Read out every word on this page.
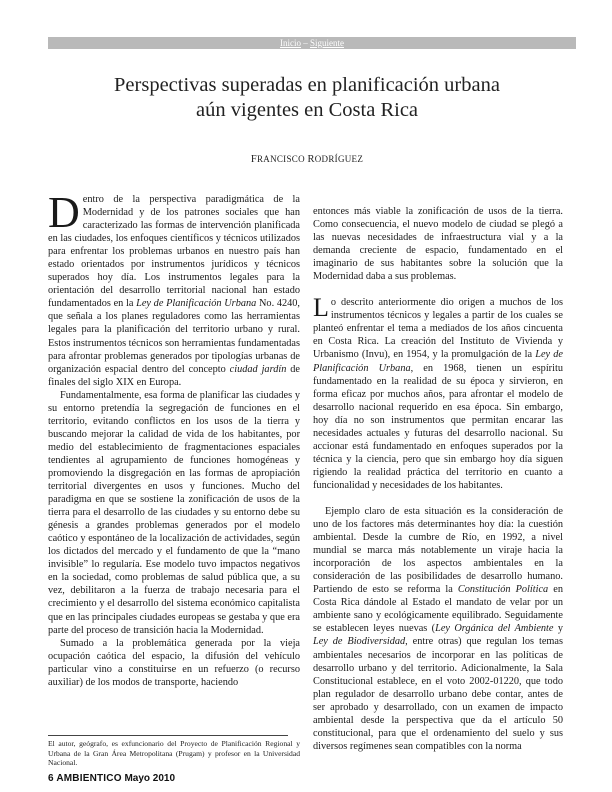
Inicio – Siguiente
Perspectivas superadas en planificación urbana
aún vigentes en Costa Rica
FRANCISCO RODRÍGUEZ

Dentro de la perspectiva paradigmática de la Modernidad y de los patrones sociales que han caracterizado las formas de intervención planificada en las ciudades, los enfoques científicos y técnicos utilizados para enfrentar los problemas urbanos en nuestro país han estado orientados por instrumentos jurídicos y técnicos superados hoy día. Los instrumentos legales para la orientación del desarrollo territorial nacional han estado fundamentados en la Ley de Planificación Urbana No. 4240, que señala a los planes reguladores como las herramientas legales para la planificación del territorio urbano y rural. Estos instrumentos técnicos son herramientas fundamentadas para afrontar problemas generados por tipologías urbanas de organización espacial dentro del concepto ciudad jardín de finales del siglo XIX en Europa.

Fundamentalmente, esa forma de planificar las ciudades y su entorno pretendía la segregación de funciones en el territorio, evitando conflictos en los usos de la tierra y buscando mejorar la calidad de vida de los habitantes, por medio del establecimiento de fragmentaciones espaciales tendientes al agrupamiento de funciones homogéneas y promoviendo la disgregación en las formas de apropiación territorial divergentes en usos y funciones. Mucho del paradigma en que se sostiene la zonificación de usos de la tierra para el desarrollo de las ciudades y su entorno debe su génesis a grandes problemas generados por el modelo caótico y espontáneo de la localización de actividades, según los dictados del mercado y el fundamento de que la “mano invisible” lo regularía. Ese modelo tuvo impactos negativos en la sociedad, como problemas de salud pública que, a su vez, debilitaron a la fuerza de trabajo necesaria para el crecimiento y el desarrollo del sistema económico capitalista que en las principales ciudades europeas se gestaba y que era parte del proceso de transición hacia la Modernidad.

Sumado a la problemática generada por la vieja ocupación caótica del espacio, la difusión del vehículo particular vino a constituirse en un refuerzo (o recurso auxiliar) de los modos de transporte, haciendo

entonces más viable la zonificación de usos de la tierra. Como consecuencia, el nuevo modelo de ciudad se plegó a las nuevas necesidades de infraestructura vial y a la demanda creciente de espacio, fundamentado en el imaginario de sus habitantes sobre la solución que la Modernidad daba a sus problemas.

Lo descrito anteriormente dio origen a muchos de los instrumentos técnicos y legales a partir de los cuales se planteó enfrentar el tema a mediados de los años cincuenta en Costa Rica. La creación del Instituto de Vivienda y Urbanismo (Invu), en 1954, y la promulgación de la Ley de Planificación Urbana, en 1968, tienen un espíritu fundamentado en la realidad de su época y sirvieron, en forma eficaz por muchos años, para afrontar el modelo de desarrollo nacional requerido en esa época. Sin embargo, hoy día no son instrumentos que permitan encarar las necesidades actuales y futuras del desarrollo nacional. Su accionar está fundamentado en enfoques superados por la técnica y la ciencia, pero que sin embargo hoy día siguen rigiendo la realidad práctica del territorio en cuanto a funcionalidad y necesidades de los habitantes.

Ejemplo claro de esta situación es la consideración de uno de los factores más determinantes hoy día: la cuestión ambiental. Desde la cumbre de Río, en 1992, a nivel mundial se marca más notablemente un viraje hacia la incorporación de los aspectos ambientales en la consideración de las posibilidades de desarrollo humano. Partiendo de esto se reforma la Constitución Política en Costa Rica dándole al Estado el mandato de velar por un ambiente sano y ecológicamente equilibrado. Seguidamente se establecen leyes nuevas (Ley Orgánica del Ambiente y Ley de Biodiversidad, entre otras) que regulan los temas ambientales necesarios de incorporar en las políticas de desarrollo urbano y del territorio. Adicionalmente, la Sala Constitucional establece, en el voto 2002-01220, que todo plan regulador de desarrollo urbano debe contar, antes de ser aprobado y desarrollado, con un examen de impacto ambiental desde la perspectiva que da el artículo 50 constitucional, para que el ordenamiento del suelo y sus diversos regímenes sean compatibles con la norma

El autor, geógrafo, es exfuncionario del Proyecto de Planificación Regional y Urbana de la Gran Área Metropolitana (Prugam) y profesor en la Universidad Nacional.
6 AMBIENTICO Mayo 2010
